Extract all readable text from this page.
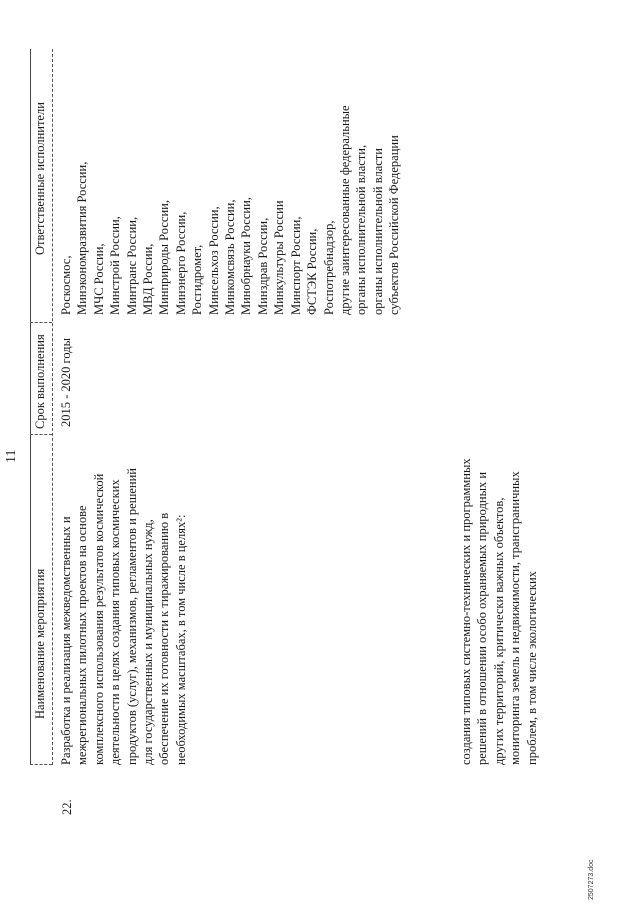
11
Наименование мероприятия
Срок выполнения
Ответственные исполнители
22.
Разработка и реализация межведомственных и межрегиональных пилотных проектов на основе комплексного использования результатов космической деятельности в целях создания типовых космических продуктов (услуг), механизмов, регламентов и решений для государственных и муниципальных нужд, обеспечение их готовности к тиражированию в необходимых масштабах, в том числе в целях²:
2015 - 2020 годы
Роскосмос, Минэкономразвития России, МЧС России, Минстрой России, Минтранс России, МВД России, Минприроды России, Минэнерго России, Росгидромет, Минсельхоз России, Минкомсвязь России, Минобрнауки России, Минздрав России, Минкультуры России Минспорт России, ФСТЭК России, Роспотребнадзор, другие заинтересованные федеральные органы исполнительной власти, органы исполнительной власти субъектов Российской Федерации
создания типовых системно-технических и программных решений в отношении особо охраняемых природных и других территорий, критически важных объектов, мониторинга земель и недвижимости, трансграничных проблем, в том числе экологических
2507273.doc
